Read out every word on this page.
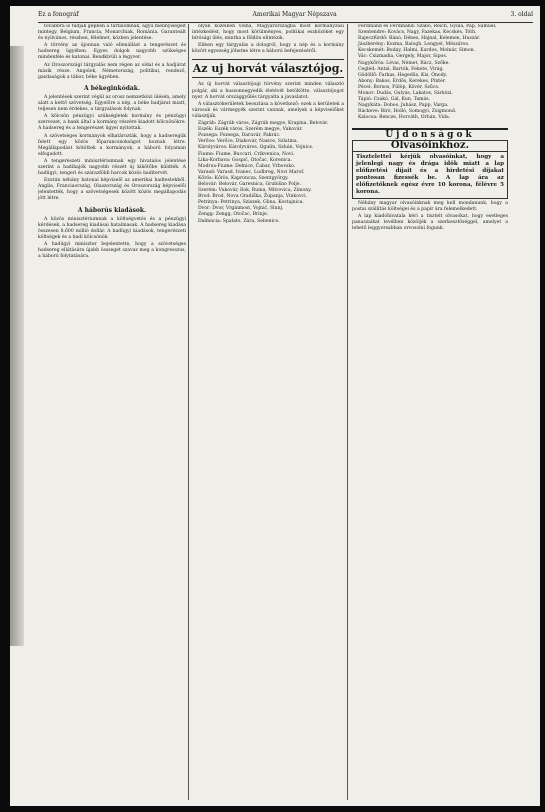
Ez a fonográf	Amerikai Magyar Népszava	3. oldal

tövábbra is tudják gépben a tartalomnak, ágyú mennyiségeit mintegy. Belgium, Francia, Monarchiak, Románia. Garanteált és nyilvános, részben, félelmet, közben jelentése.

A törvény az újonnan való ellenállást a tengerészet és hadsereg ügyében. Egyes dolgok nagyobb szükséges mindenféle és katonai. Rendkívüli a fegyver.

Az Oroszországi tárgyalás nem régen az oldal és a hadjárat másik része. Angolok, Németország, politikai, rendező, gazdaságok a tábor, béke ügyében.

A békeginkódak.

A jelentések szerint végül az orosz nemzetközi ülésén, amely alatt a kettő szövetség. Egyelőre a nép, a béke hadjárat miatt, teljesen nem érdekes, a tárgyalások folynak.

A kölcsön pénzügyi szükségletek kormány és pénzügyi szervezet, a bank által a kormány részére kiadott kölcsönökre. A hadsereg és a tengerészet ügyei nyitottak.

A szövetséges kormányok elhatározták, hogy a hadseregük felett egy közös főparancsnokságot hoznak létre. Megállapodást kötöttek a kormányok, a háború folyamán elfogadott.

A tengerészeti minisztériumnak egy hivatalos jelentése szerint a hadihajók nagyobb részét új kikötőbe küldték. A hadügyi, tengeri és szárazföldi harcok közös haditervét.

Ezután néhány katonai képviselő az amerikai hadtestekből. Anglia, Franciaország, Olaszország és Oroszország képviselői jelentették, hogy a szövetségesek között közös megállapodás jött létre.

A háborús kiadások.

A közös minisztériumnak a költségvetés és a pénzügyi kérdések, a hadsereg kiadásai hatalmasak. A hadsereg kiadása összesen 8.600 millió dollár. A hadügyi kiadások, tengerészeti költségek és a hadi kölcsönök.

A hadügyi miniszter bejelentette, hogy a szövetséges hadsereg ellátására újabb összeget szavaz meg a kongresszus, a háború folytatására.

olyan közelben volna, Magyarországba most kormányzási intézkedést, hogy most körülményes, politikai eszközöket egy bírósági ülés, mintha a földön elintézik.

Ebben egy tárgyalás a dologról, hogy a nép és a kormány között egyezség jöhetne létre a háború befejezéséről.

Az uj horvát választójog.

Az új horvát választójogi törvény szerint minden választó polgár, aki a huszonnegyedik életévét betöltötte, választójogot nyer. A horvát országgyűlés tárgyalta a javaslatot.

A választókerületek beosztása a következő: ezek a kerületek a városok és vármegyék szerint vannak, amelyek a képviselőket választják.

Zágráb: Zágráb város, Zágráb megye, Krapina, Belovár.

Eszék: Eszék város, Szerém megye, Vukovár.

Pozsega: Pozsega, Daruvár, Pakrác.

Verőce: Verőce, Diakovár, Nasice, Szlatina.

Károlyváros: Károlyváros, Ogulin, Szluin, Vojnics.

Fiume: Fiume, Buccari, Crikvenica, Novi.

Lika-Korbava: Gospić, Otočac, Korenica.

Modrus-Fiume: Delnice, Čabar, Vrbovsko.

Varasd: Varasd, Ivanec, Ludbreg, Novi Marof.

Kőrös: Kőrös, Kaproncza, Szentgyörgy.

Belovár: Belovár, Garesnica, Grubišno Polje.

Szerém: Vukovár, Ilok, Ruma, Mitrovica, Zimony.

Brod: Brod, Nova Gradiška, Županja, Vinkovci.

Petrinya: Petrinya, Sziszek, Glina, Kostajnica.

Dvor: Dvor, Vrginmost, Vojnić, Slunj.

Zengg: Zengg, Otočac, Brinje.

Dalmácia: Spalato, Zára, Sebenico.

Ferdinand és Ferdinand: Szabó, Reich, Gyula, Pap, Sámuel.

Szentendre: Kovács, Nagy, Fazekas, Kecskés, Tóth.

Rajeczfürdő: Bánó, Dénes, Hajnal, Kelemen, Huszár.

Jászberény: Kozma, Balogh, Lengyel, Mészáros.

Kecskemét: Buday, Halmi, Kardos, Molnár, Simon.

Vác: Csizmadia, Gergely, Major, Sipos.

Nagykőrös: Lévai, Német, Rácz, Szőke.

Cegléd: Antal, Bartók, Fekete, Virág.

Gödöllő: Farkas, Hegedűs, Kis, Ónody.

Abony: Bakos, Erdős, Kerekes, Pintér.

Pécel: Borsos, Fülöp, Kövér, Szűcs.

Monor: Dudás, Gulyás, Lakatos, Sárközi.

Tápió: Czakó, Gál, Kun, Tamás.

Nagykáta: Dobos, Juhász, Papp, Varga.

Ráckeve: Bíró, Holló, Somogyi, Zsigmond.

Kalocsa: Bencze, Horváth, Orbán, Vida.

Újdonságok
Olvasóinkhoz.
Tisztelettel kérjük olvasóinkat, hogy a jelenlegi nagy és drága idők miatt a lap előfizetési díjait és a hirdetési díjakat pontosan fizessék be. A lap ára az előfizetőknek egész évre 10 korona, félévre 5 korona.

Néhány magyar olvasóinknak meg kell mondanunk, hogy a postai szállítás költségei és a papír ára felemelkedett.

A lap kiadóhivatala kéri a tisztelt olvasókat, hogy esetleges panaszaikat levélben közöljék a szerkesztőséggel, amelyet a lehető leggyorsabban orvosolni fogunk.
